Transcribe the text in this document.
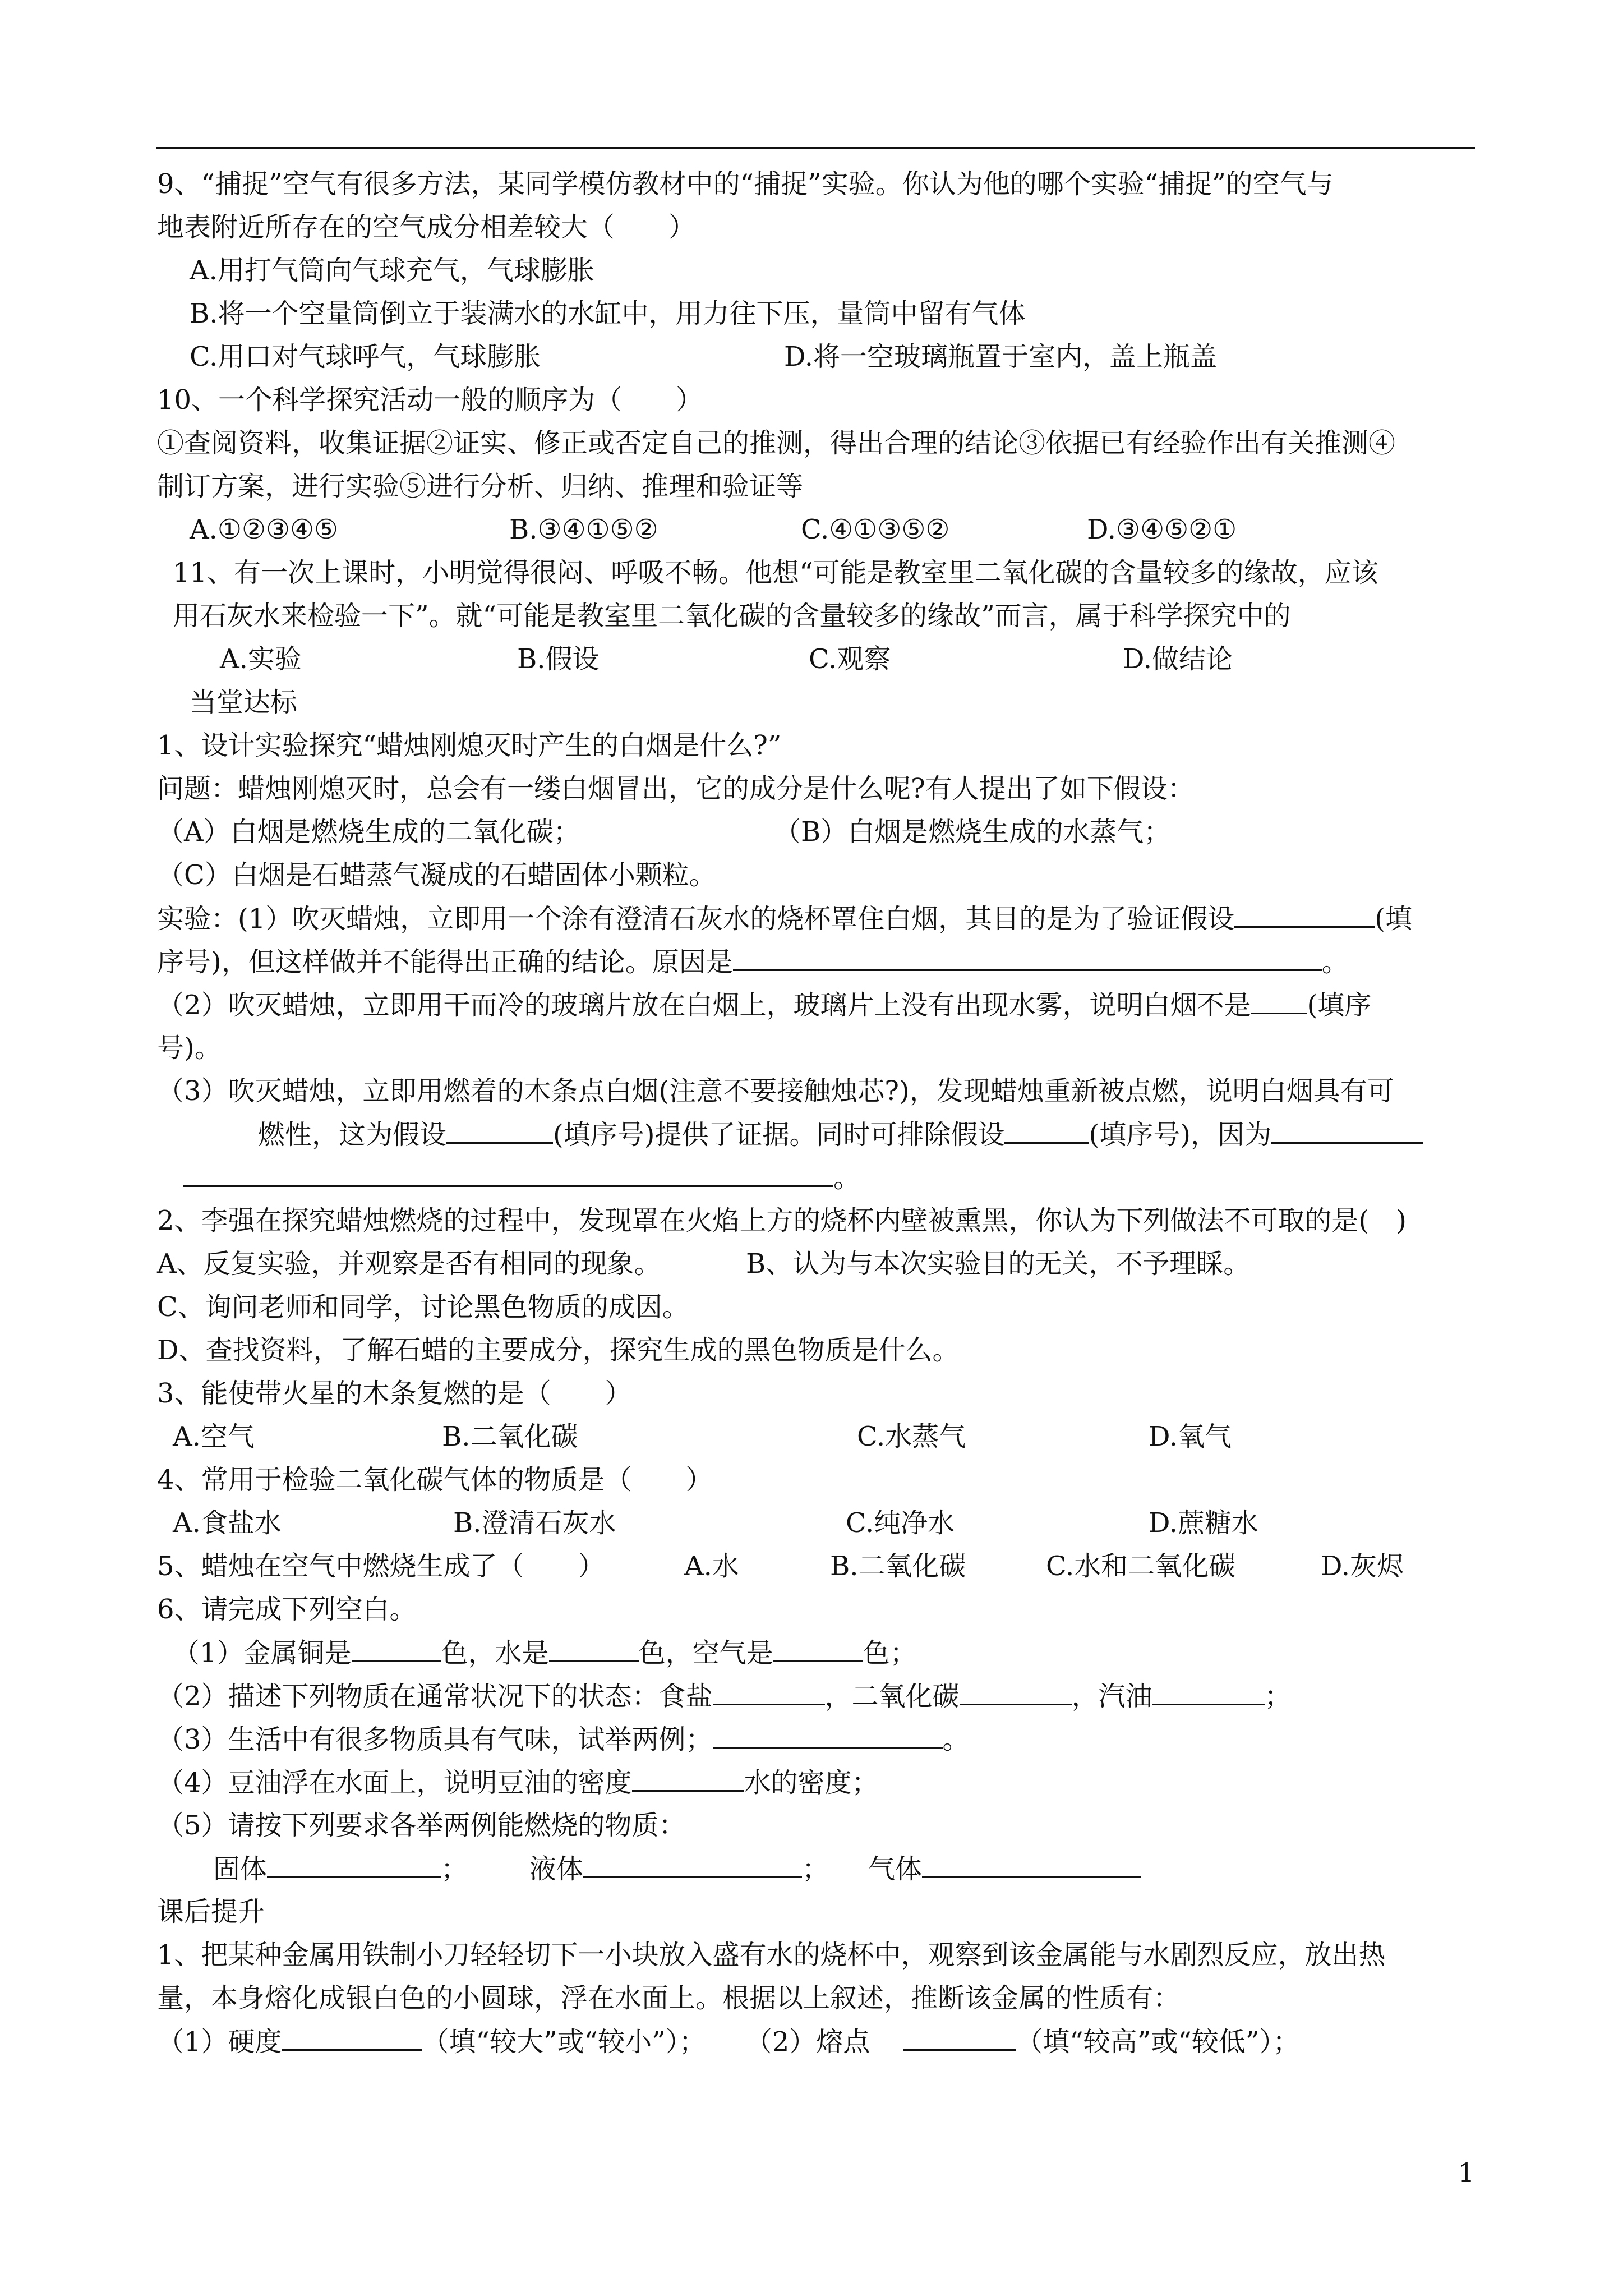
9、“捕捉”空气有很多方法，某同学模仿教材中的“捕捉”实验。你认为他的哪个实验“捕捉”的空气与
地表附近所存在的空气成分相差较大（　　）
A.用打气筒向气球充气，气球膨胀
B.将一个空量筒倒立于装满水的水缸中，用力往下压，量筒中留有气体
C.用口对气球呼气，气球膨胀	D.将一空玻璃瓶置于室内，盖上瓶盖
10、一个科学探究活动一般的顺序为（　　）
①查阅资料，收集证据②证实、修正或否定自己的推测，得出合理的结论③依据已有经验作出有关推测④
制订方案，进行实验⑤进行分析、归纳、推理和验证等
A.①②③④⑤	B.③④①⑤②	C.④①③⑤②	D.③④⑤②①
11、有一次上课时，小明觉得很闷、呼吸不畅。他想“可能是教室里二氧化碳的含量较多的缘故，应该
用石灰水来检验一下”。就“可能是教室里二氧化碳的含量较多的缘故”而言，属于科学探究中的
A.实验	B.假设	C.观察	D.做结论
当堂达标
1、设计实验探究“蜡烛刚熄灭时产生的白烟是什么?”
问题：蜡烛刚熄灭时，总会有一缕白烟冒出，它的成分是什么呢?有人提出了如下假设：
（A）白烟是燃烧生成的二氧化碳；	（B）白烟是燃烧生成的水蒸气；
（C）白烟是石蜡蒸气凝成的石蜡固体小颗粒。
实验：(1）吹灭蜡烛，立即用一个涂有澄清石灰水的烧杯罩住白烟，其目的是为了验证假设	(填
序号)，但这样做并不能得出正确的结论。原因是	。
（2）吹灭蜡烛，立即用干而冷的玻璃片放在白烟上，玻璃片上没有出现水雾，说明白烟不是 (填序
号)。
（3）吹灭蜡烛，立即用燃着的木条点白烟(注意不要接触烛芯?)，发现蜡烛重新被点燃，说明白烟具有可
燃性，这为假设	(填序号)提供了证据。同时可排除假设	(填序号)，因为
。
2、李强在探究蜡烛燃烧的过程中，发现罩在火焰上方的烧杯内壁被熏黑，你认为下列做法不可取的是(　)
A、反复实验，并观察是否有相同的现象。	B、认为与本次实验目的无关，不予理睬。
C、询问老师和同学，讨论黑色物质的成因。
D、查找资料，了解石蜡的主要成分，探究生成的黑色物质是什么。
3、能使带火星的木条复燃的是（　　）
A.空气	B.二氧化碳	C.水蒸气	D.氧气
4、常用于检验二氧化碳气体的物质是（　　）
A.食盐水	B.澄清石灰水	C.纯净水	D.蔗糖水
5、蜡烛在空气中燃烧生成了（　　）	A.水	B.二氧化碳	C.水和二氧化碳	D.灰烬
6、请完成下列空白。
（1）金属铜是	色，水是	色，空气是	色；
（2）描述下列物质在通常状况下的状态：食盐	，二氧化碳	，汽油	；
（3）生活中有很多物质具有气味，试举两例；	。
（4）豆油浮在水面上，说明豆油的密度	水的密度；
（5）请按下列要求各举两例能燃烧的物质：
固体	； 液体	； 气体
课后提升
1、把某种金属用铁制小刀轻轻切下一小块放入盛有水的烧杯中，观察到该金属能与水剧烈反应，放出热
量，本身熔化成银白色的小圆球，浮在水面上。根据以上叙述，推断该金属的性质有：
（1）硬度	（填“较大”或“较小”）； （2）熔点	（填“较高”或“较低”）；
1
